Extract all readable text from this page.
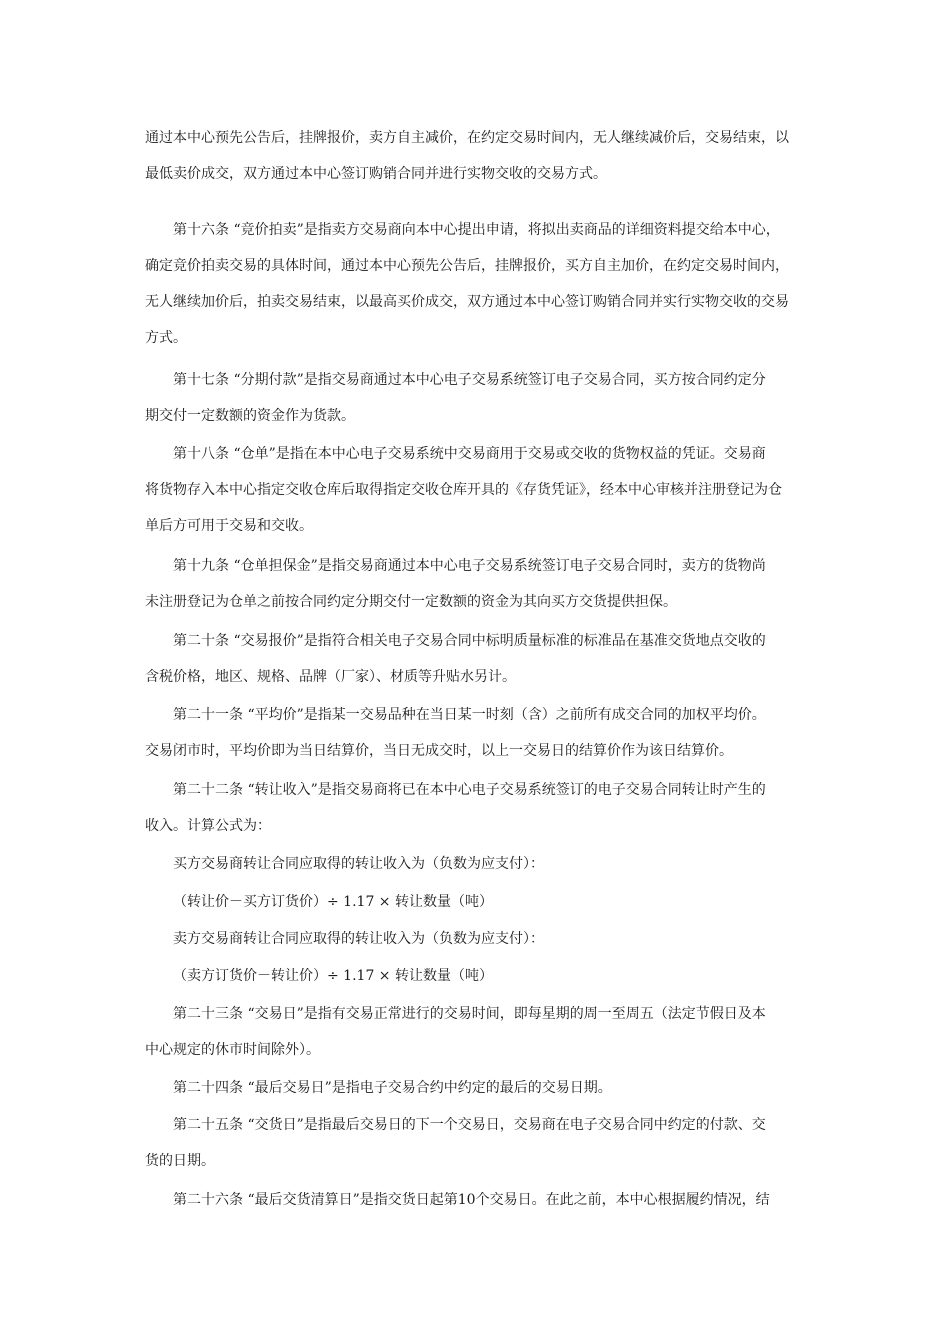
通过本中心预先公告后，挂牌报价，卖方自主减价，在约定交易时间内，无人继续减价后，交易结束，以
最低卖价成交，双方通过本中心签订购销合同并进行实物交收的交易方式。
第十六条 “竞价拍卖”是指卖方交易商向本中心提出申请，将拟出卖商品的详细资料提交给本中心，
确定竞价拍卖交易的具体时间，通过本中心预先公告后，挂牌报价，买方自主加价，在约定交易时间内，
无人继续加价后，拍卖交易结束，以最高买价成交，双方通过本中心签订购销合同并实行实物交收的交易
方式。
第十七条 “分期付款”是指交易商通过本中心电子交易系统签订电子交易合同，买方按合同约定分
期交付一定数额的资金作为货款。
第十八条 “仓单”是指在本中心电子交易系统中交易商用于交易或交收的货物权益的凭证。交易商
将货物存入本中心指定交收仓库后取得指定交收仓库开具的《存货凭证》，经本中心审核并注册登记为仓
单后方可用于交易和交收。
第十九条 “仓单担保金”是指交易商通过本中心电子交易系统签订电子交易合同时，卖方的货物尚
未注册登记为仓单之前按合同约定分期交付一定数额的资金为其向买方交货提供担保。
第二十条 “交易报价”是指符合相关电子交易合同中标明质量标准的标准品在基准交货地点交收的
含税价格，地区、规格、品牌（厂家）、材质等升贴水另计。
第二十一条 “平均价”是指某一交易品种在当日某一时刻（含）之前所有成交合同的加权平均价。
交易闭市时，平均价即为当日结算价，当日无成交时，以上一交易日的结算价作为该日结算价。
第二十二条 “转让收入”是指交易商将已在本中心电子交易系统签订的电子交易合同转让时产生的
收入。计算公式为：
买方交易商转让合同应取得的转让收入为（负数为应支付）：
（转让价－买方订货价）÷ 1.17 × 转让数量（吨）
卖方交易商转让合同应取得的转让收入为（负数为应支付）：
（卖方订货价－转让价）÷ 1.17 × 转让数量（吨）
第二十三条 “交易日”是指有交易正常进行的交易时间，即每星期的周一至周五（法定节假日及本
中心规定的休市时间除外）。
第二十四条 “最后交易日”是指电子交易合约中约定的最后的交易日期。
第二十五条 “交货日”是指最后交易日的下一个交易日，交易商在电子交易合同中约定的付款、交
货的日期。
第二十六条 “最后交货清算日”是指交货日起第10个交易日。在此之前，本中心根据履约情况，结
